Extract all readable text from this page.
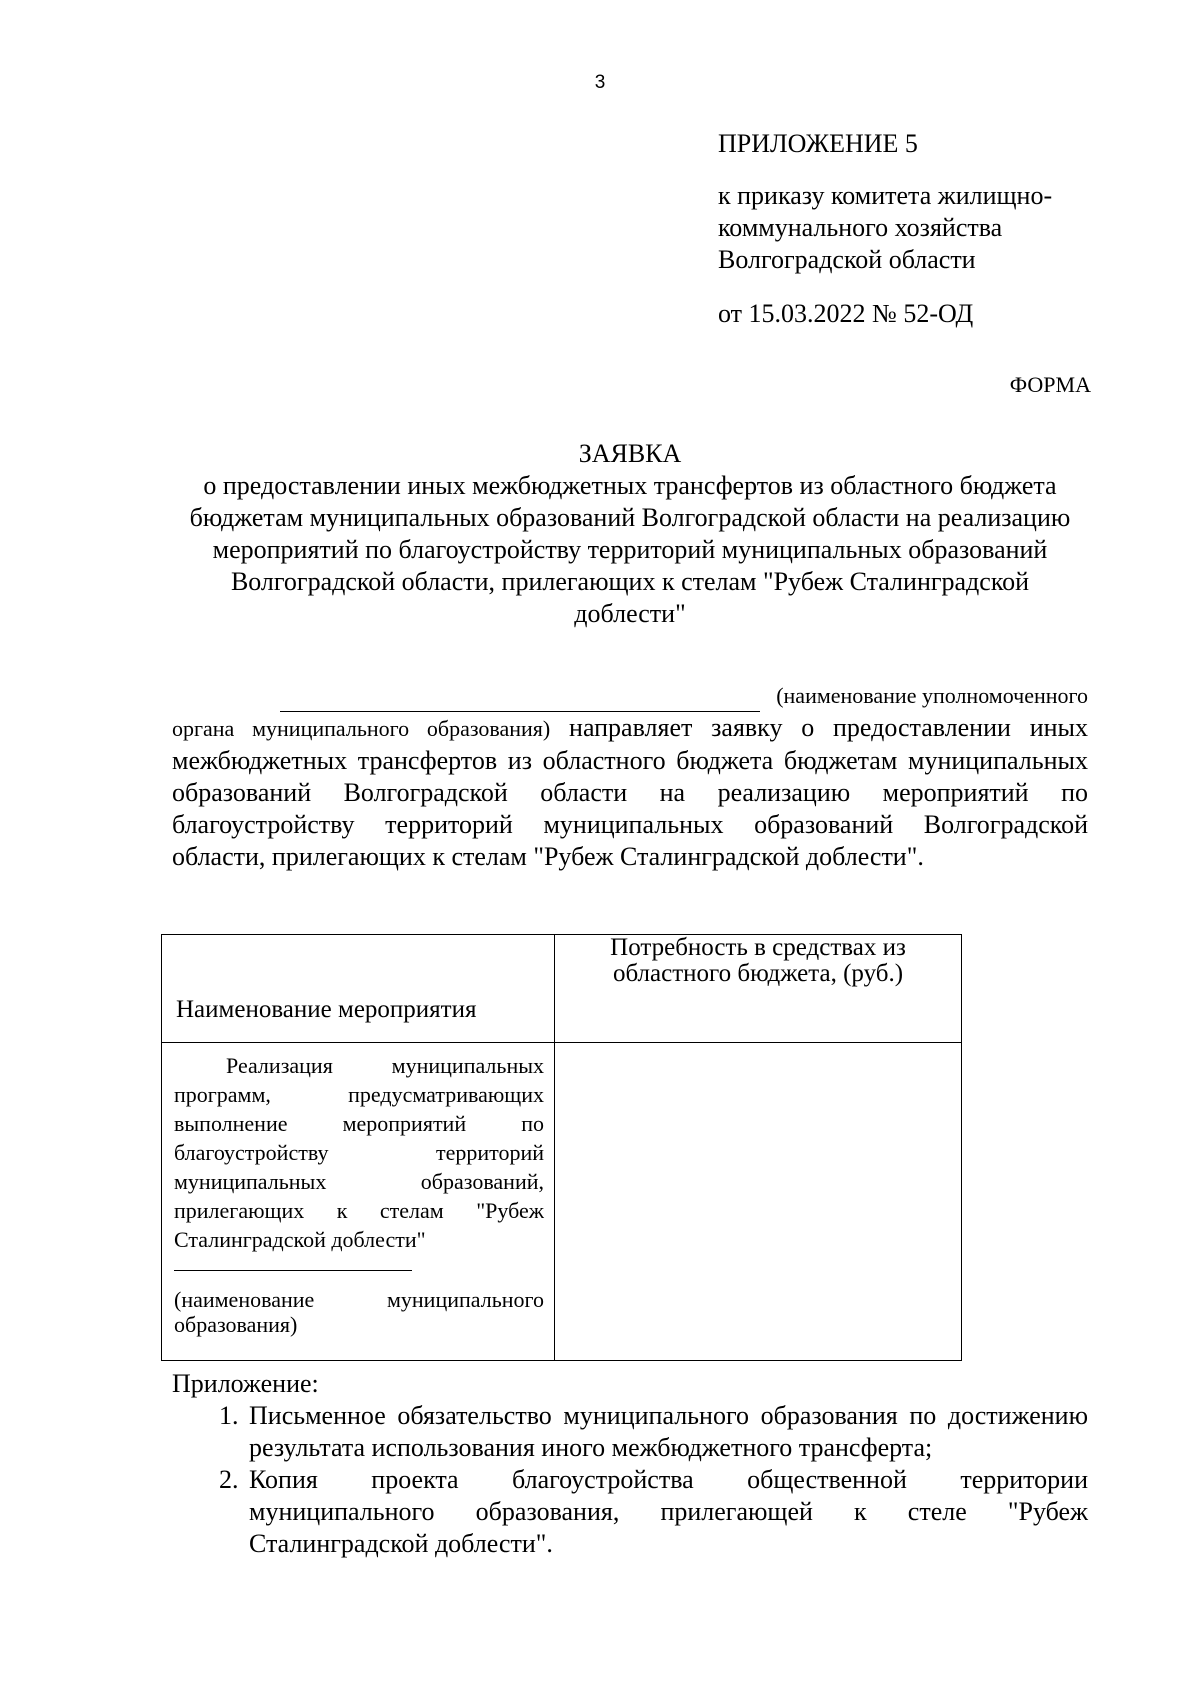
3

ПРИЛОЖЕНИЕ 5

к приказу комитета жилищно-коммунального хозяйства Волгоградской области

от 15.03.2022 № 52-ОД

ФОРМА

ЗАЯВКА

о предоставлении иных межбюджетных трансфертов из областного бюджета бюджетам муниципальных образований Волгоградской области на реализацию мероприятий по благоустройству территорий муниципальных образований Волгоградской области, прилегающих к стелам "Рубеж Сталинградской доблести"

(наименование уполномоченного
органа муниципального образования) направляет заявку о предоставлении иных межбюджетных трансфертов из областного бюджета бюджетам муниципальных образований Волгоградской области на реализацию мероприятий по благоустройству территорий муниципальных образований Волгоградской области, прилегающих к стелам "Рубеж Сталинградской доблести".
Наименование мероприятия	Потребность в средствах из областного бюджета, (руб.)

Реализация муниципальных программ, предусматривающих выполнение мероприятий по благоустройству территорий муниципальных образований, прилегающих к стелам "Рубеж Сталинградской доблести"
(наименование муниципального образования)	

Приложение:

1. Письменное обязательство муниципального образования по достижению результата использования иного межбюджетного трансферта;
2. Копия проекта благоустройства общественной территории муниципального образования, прилегающей к стеле "Рубеж Сталинградской доблести".
